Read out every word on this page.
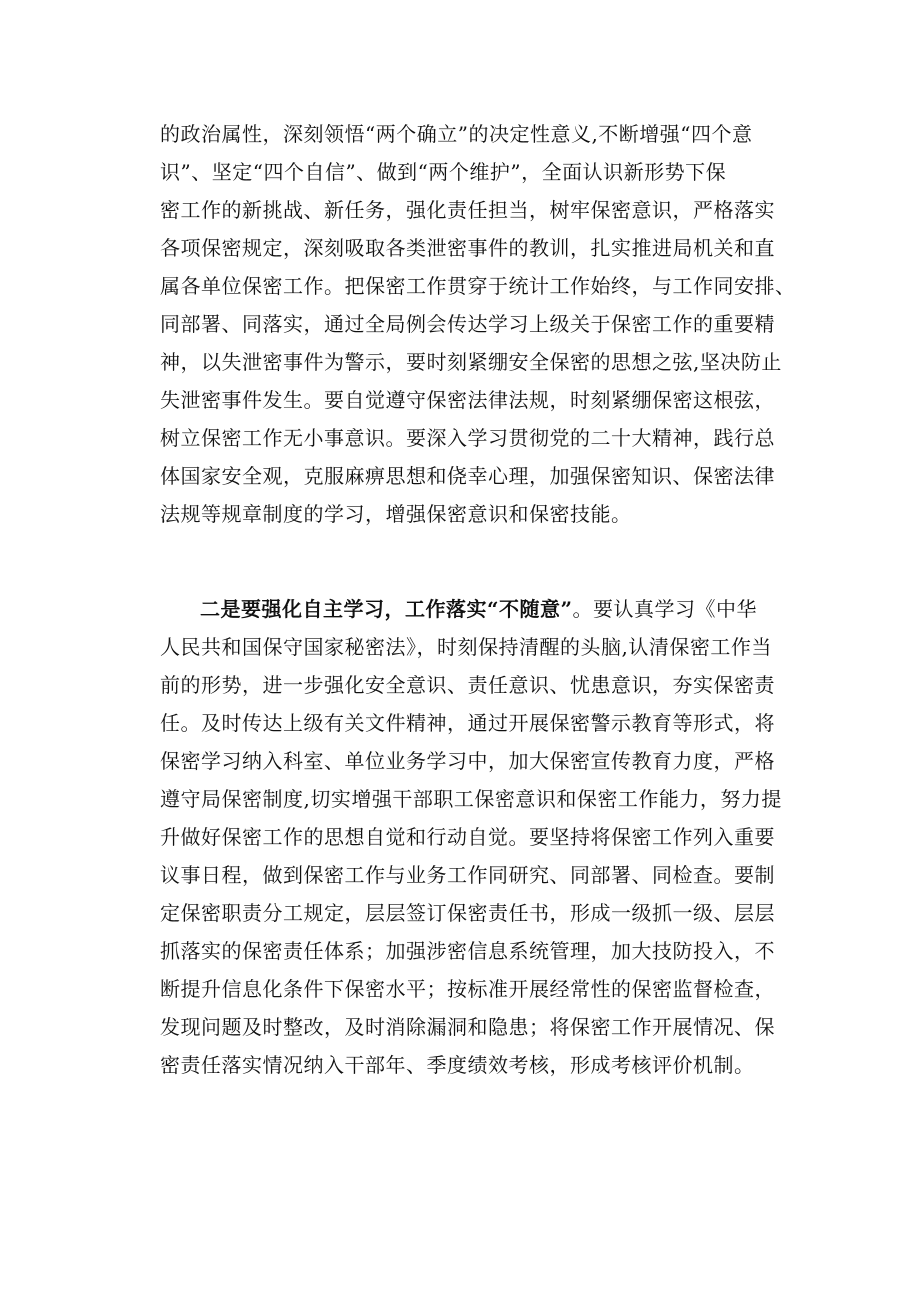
的政治属性，深刻领悟“两个确立”的决定性意义,不断增强“四个意
识”、坚定“四个自信”、做到“两个维护”，全面认识新形势下保
密工作的新挑战、新任务，强化责任担当，树牢保密意识，严格落实
各项保密规定，深刻吸取各类泄密事件的教训，扎实推进局机关和直
属各单位保密工作。把保密工作贯穿于统计工作始终，与工作同安排、
同部署、同落实，通过全局例会传达学习上级关于保密工作的重要精
神，以失泄密事件为警示，要时刻紧绷安全保密的思想之弦,坚决防止
失泄密事件发生。要自觉遵守保密法律法规，时刻紧绷保密这根弦，
树立保密工作无小事意识。要深入学习贯彻党的二十大精神，践行总
体国家安全观，克服麻痹思想和侥幸心理，加强保密知识、保密法律
法规等规章制度的学习，增强保密意识和保密技能。
二是要强化自主学习，工作落实“不随意”。要认真学习《中华
人民共和国保守国家秘密法》，时刻保持清醒的头脑,认清保密工作当
前的形势，进一步强化安全意识、责任意识、忧患意识，夯实保密责
任。及时传达上级有关文件精神，通过开展保密警示教育等形式，将
保密学习纳入科室、单位业务学习中，加大保密宣传教育力度，严格
遵守局保密制度,切实增强干部职工保密意识和保密工作能力，努力提
升做好保密工作的思想自觉和行动自觉。要坚持将保密工作列入重要
议事日程，做到保密工作与业务工作同研究、同部署、同检查。要制
定保密职责分工规定，层层签订保密责任书，形成一级抓一级、层层
抓落实的保密责任体系；加强涉密信息系统管理，加大技防投入，不
断提升信息化条件下保密水平；按标准开展经常性的保密监督检查，
发现问题及时整改，及时消除漏洞和隐患；将保密工作开展情况、保
密责任落实情况纳入干部年、季度绩效考核，形成考核评价机制。
